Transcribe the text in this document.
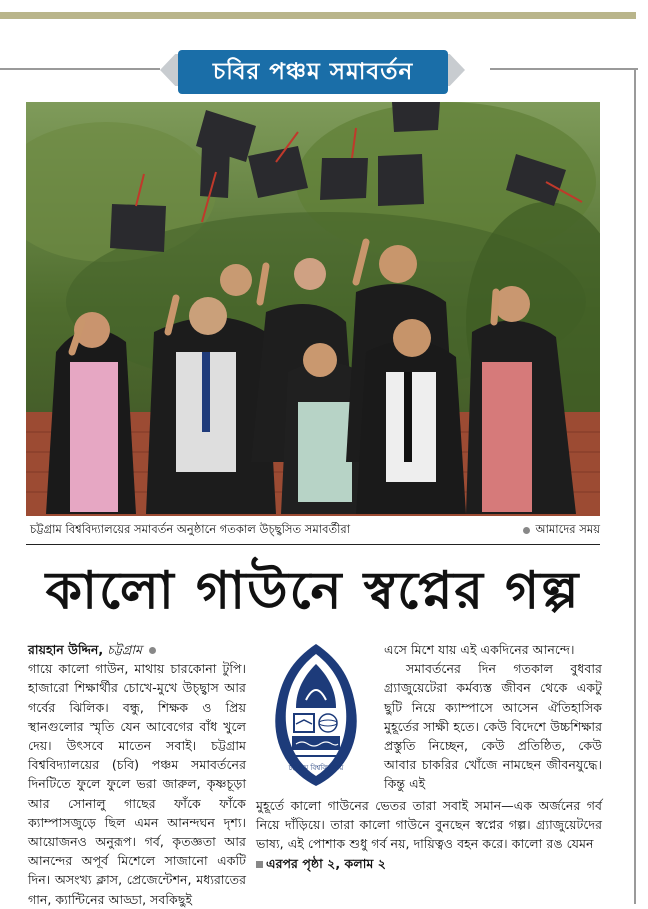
চবির পঞ্চম সমাবর্তন
চট্টগ্রাম বিশ্ববিদ্যালয়ের সমাবর্তন অনুষ্ঠানে গতকাল উচ্ছ্বসিত সমাবর্তীরা	আমাদের সময়
কালো গাউনে স্বপ্নের গল্প
রায়হান উদ্দিন, চট্টগ্রাম
গায়ে কালো গাউন, মাথায় চারকোনা টুপি। হাজারো শিক্ষার্থীর চোখে-মুখে উচ্ছ্বাস আর গর্বের ঝিলিক। বন্ধু, শিক্ষক ও প্রিয় স্থানগুলোর স্মৃতি যেন আবেগের বাঁধ খুলে দেয়। উৎসবে মাতেন সবাই। চট্টগ্রাম বিশ্ববিদ্যালয়ের (চবি) পঞ্চম সমাবর্তনের দিনটিতে ফুলে ফুলে ভরা জারুল, কৃষ্ণচূড়া আর সোনালু গাছের ফাঁকে ফাঁকে ক্যাম্পাসজুড়ে ছিল এমন আনন্দঘন দৃশ্য। আয়োজনও অনুরূপ। গর্ব, কৃতজ্ঞতা আর আনন্দের অপূর্ব মিশেলে সাজানো একটি দিন। অসংখ্য ক্লাস, প্রেজেন্টেশন, মধ্যরাতের গান, ক্যান্টিনের আড্ডা, সবকিছুই
এসে মিশে যায় এই একদিনের আনন্দে।
সমাবর্তনের দিন গতকাল বুধবার গ্র্যাজুয়েটেরা কর্মব্যস্ত জীবন থেকে একটু ছুটি নিয়ে ক্যাম্পাসে আসেন ঐতিহাসিক মুহূর্তের সাক্ষী হতে। কেউ বিদেশে উচ্চশিক্ষার প্রস্তুতি নিচ্ছেন, কেউ প্রতিষ্ঠিত, কেউ আবার চাকরির খোঁজে নামছেন জীবনযুদ্ধে। কিন্তু এই
মুহূর্তে কালো গাউনের ভেতর তারা সবাই সমান—এক অর্জনের গর্ব নিয়ে দাঁড়িয়ে। তারা কালো গাউনে বুনছেন স্বপ্নের গল্প। গ্র্যাজুয়েটদের ভাষ্য, এই পোশাক শুধু গর্ব নয়, দায়িত্বও বহন করে। কালো রঙ যেমন  এরপর পৃষ্ঠা ২, কলাম ২
চট্টগ্রাম বিশ্ববিদ্যালয়
